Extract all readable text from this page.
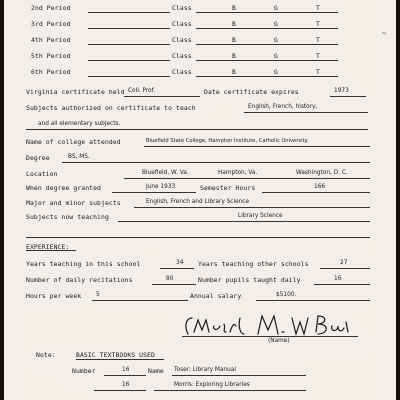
⌒
2nd Period	Class	B	G	T
3rd Period	Class	B	G	T
4th Period	Class	B	G	T
5th Period	Class	B	G	T
6th Period	Class	B	G	T
Virginia certificate held Coll. Prof.	Date certificate expires	1973
Subjects authorized on certificate to teach	English, French, history,
and all elementary subjects.
Name of college attended	Bluefield State College, Hampton Institute, Catholic University.
Degree	BS, MS.
Location	Bluefield, W. Va.	Hampton, Va.	Washington, D. C.
When degree granted	June 1933	Semester Hours	166
Major and minor subjects	English, French and Library Science
Subjects now teaching	Library Science
EXPERIENCE:
Years teaching in this school	34 Years teaching other schools	27
Number of daily recitations	80	Number pupils taught daily	16
Hours per week	5	Annual salary	$5100.
(Name)
Note:	BASIC TEXTBOOKS USED
Number	16	Name Toser: Library Manual
16	Morris: Exploring Libraries
